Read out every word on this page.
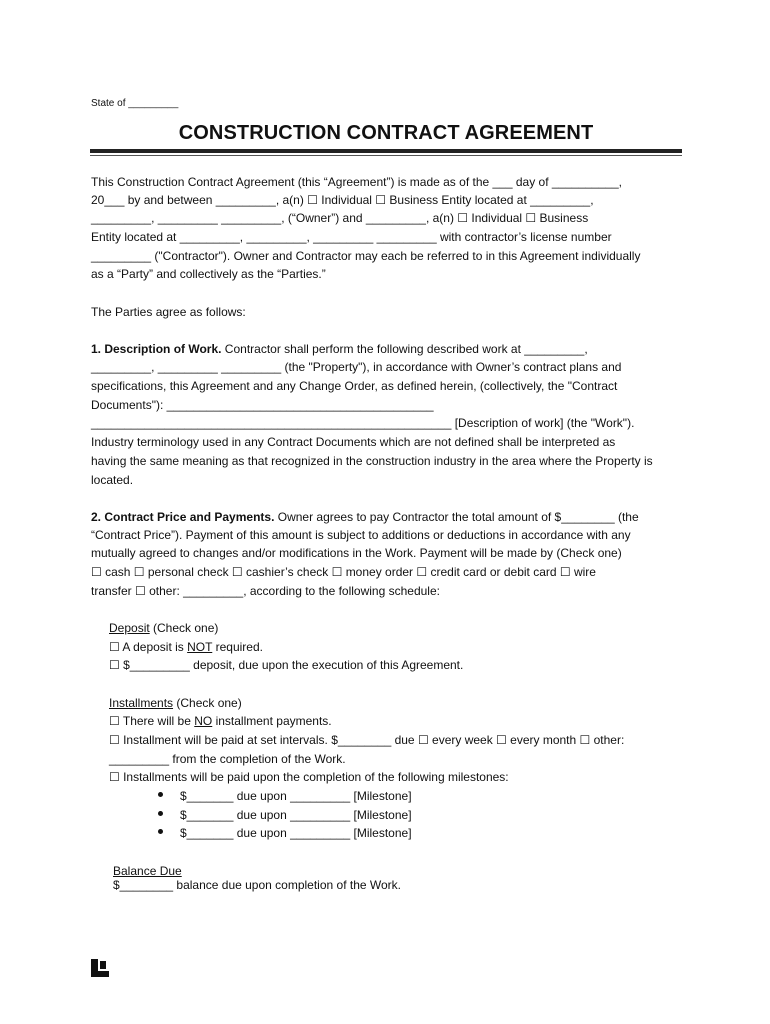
State of _________
CONSTRUCTION CONTRACT AGREEMENT
This Construction Contract Agreement (this “Agreement”) is made as of the ___ day of __________,
20___ by and between _________, a(n) ☐ Individual ☐ Business Entity located at _________,
_________, _________ _________, (“Owner”) and _________, a(n) ☐ Individual ☐ Business
Entity located at _________, _________, _________ _________ with contractor’s license number
_________ ("Contractor"). Owner and Contractor may each be referred to in this Agreement individually
as a “Party” and collectively as the “Parties.”
The Parties agree as follows:
1. Description of Work. Contractor shall perform the following described work at _________,
_________, _________ _________ (the "Property"), in accordance with Owner’s contract plans and
specifications, this Agreement and any Change Order, as defined herein, (collectively, the "Contract
Documents"): ________________________________________
______________________________________________________ [Description of work] (the "Work").
Industry terminology used in any Contract Documents which are not defined shall be interpreted as
having the same meaning as that recognized in the construction industry in the area where the Property is
located.
2. Contract Price and Payments. Owner agrees to pay Contractor the total amount of $________ (the
“Contract Price”). Payment of this amount is subject to additions or deductions in accordance with any
mutually agreed to changes and/or modifications in the Work. Payment will be made by (Check one)
☐ cash ☐ personal check ☐ cashier’s check ☐ money order ☐ credit card or debit card ☐ wire
transfer ☐ other: _________, according to the following schedule:
Deposit (Check one)
☐ A deposit is NOT required.
☐ $_________ deposit, due upon the execution of this Agreement.
Installments (Check one)
☐ There will be NO installment payments.
☐ Installment will be paid at set intervals. $________ due ☐ every week ☐ every month ☐ other:
_________ from the completion of the Work.
☐ Installments will be paid upon the completion of the following milestones:
$_______ due upon _________ [Milestone]
$_______ due upon _________ [Milestone]
$_______ due upon _________ [Milestone]
Balance Due
$________ balance due upon completion of the Work.
